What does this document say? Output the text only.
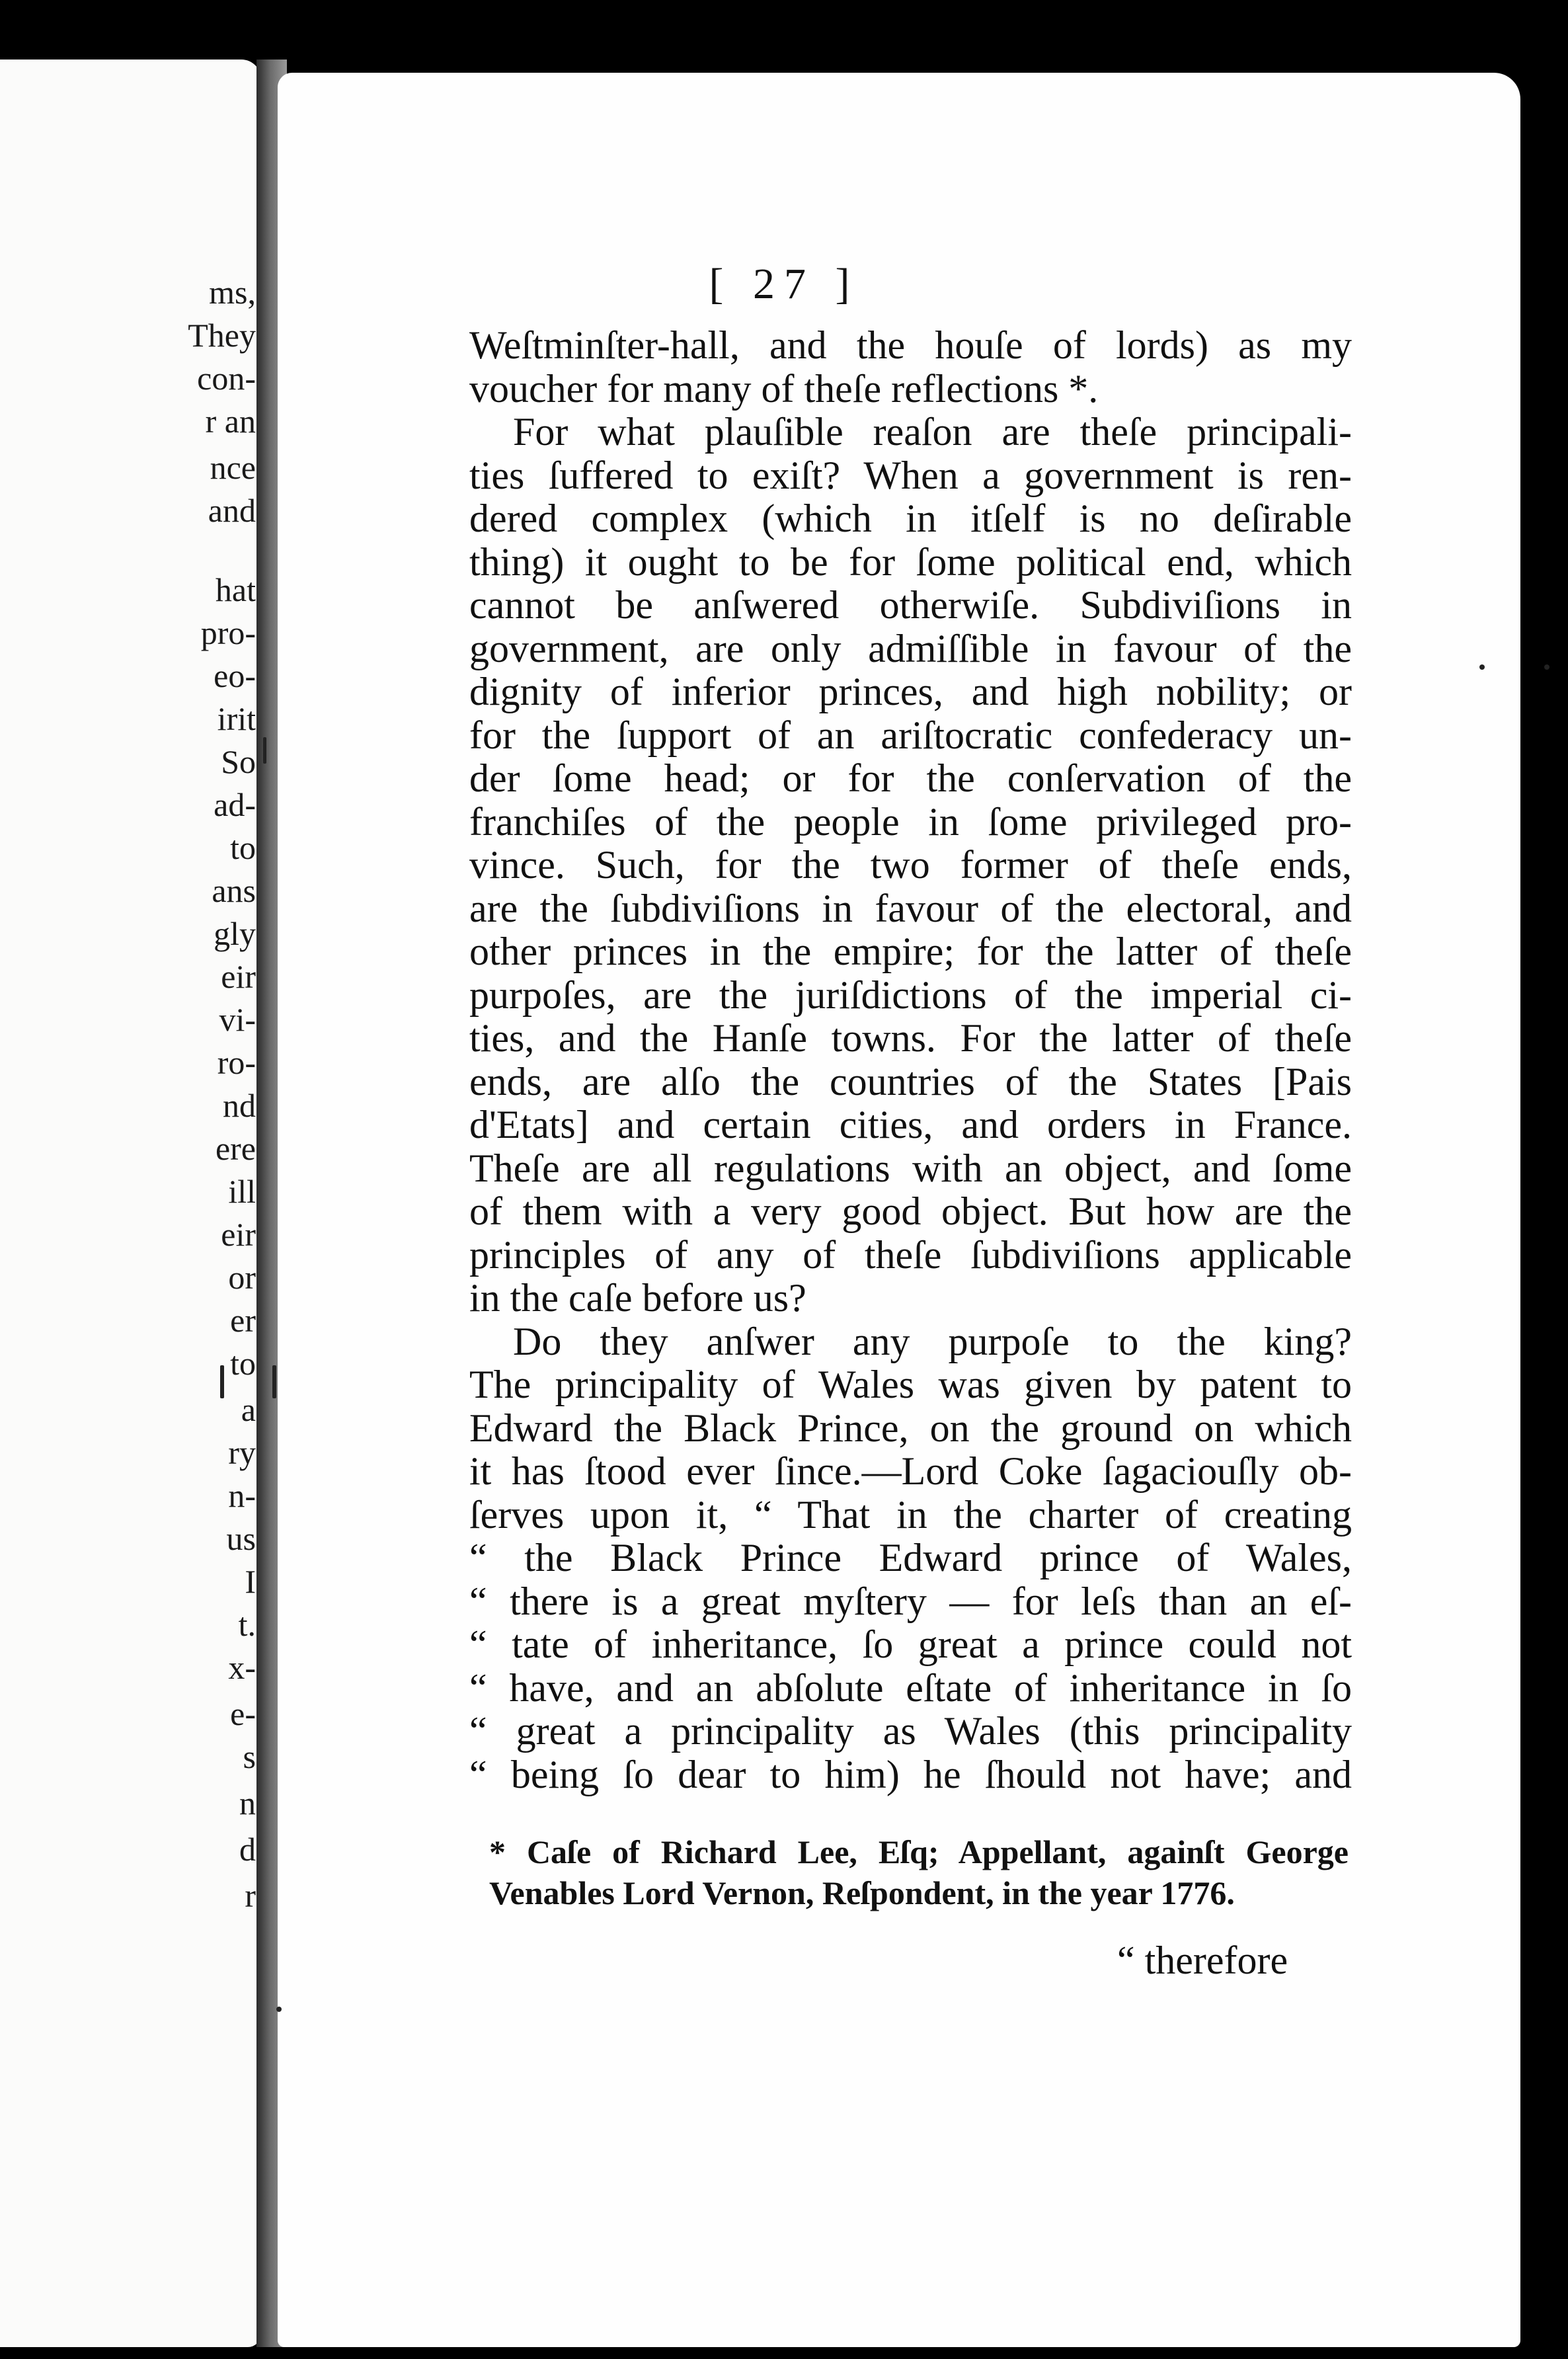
ms,
They
con-
r an
nce
and
hat
pro-
eo-
irit
So
ad-
to
ans
gly
eir
vi-
ro-
nd
ere
ill
eir
or
er
to
a
ry
n-
us
I
t.
x-
e-
s
n
d
r
[ 27 ]
Weſtminſter-hall, and the houſe of lords) as my
voucher for many of theſe reflections *.
For what plauſible reaſon are theſe principali-
ties ſuffered to exiſt? When a government is ren-
dered complex (which in itſelf is no deſirable
thing) it ought to be for ſome political end, which
cannot be anſwered otherwiſe. Subdiviſions in
government, are only admiſſible in favour of the
dignity of inferior princes, and high nobility; or
for the ſupport of an ariſtocratic confederacy un-
der ſome head; or for the conſervation of the
franchiſes of the people in ſome privileged pro-
vince. Such, for the two former of theſe ends,
are the ſubdiviſions in favour of the electoral, and
other princes in the empire; for the latter of theſe
purpoſes, are the juriſdictions of the imperial ci-
ties, and the Hanſe towns. For the latter of theſe
ends, are alſo the countries of the States [Pais
d'Etats] and certain cities, and orders in France.
Theſe are all regulations with an object, and ſome
of them with a very good object. But how are the
principles of any of theſe ſubdiviſions applicable
in the caſe before us?
Do they anſwer any purpoſe to the king?
The principality of Wales was given by patent to
Edward the Black Prince, on the ground on which
it has ſtood ever ſince.—Lord Coke ſagaciouſly ob-
ſerves upon it, “ That in the charter of creating
“ the Black Prince Edward prince of Wales,
“ there is a great myſtery — for leſs than an eſ-
“ tate of inheritance, ſo great a prince could not
“ have, and an abſolute eſtate of inheritance in ſo
“ great a principality as Wales (this principality
“ being ſo dear to him) he ſhould not have; and
* Caſe of Richard Lee, Eſq; Appellant, againſt George
Venables Lord Vernon, Reſpondent, in the year 1776.
“ therefore
